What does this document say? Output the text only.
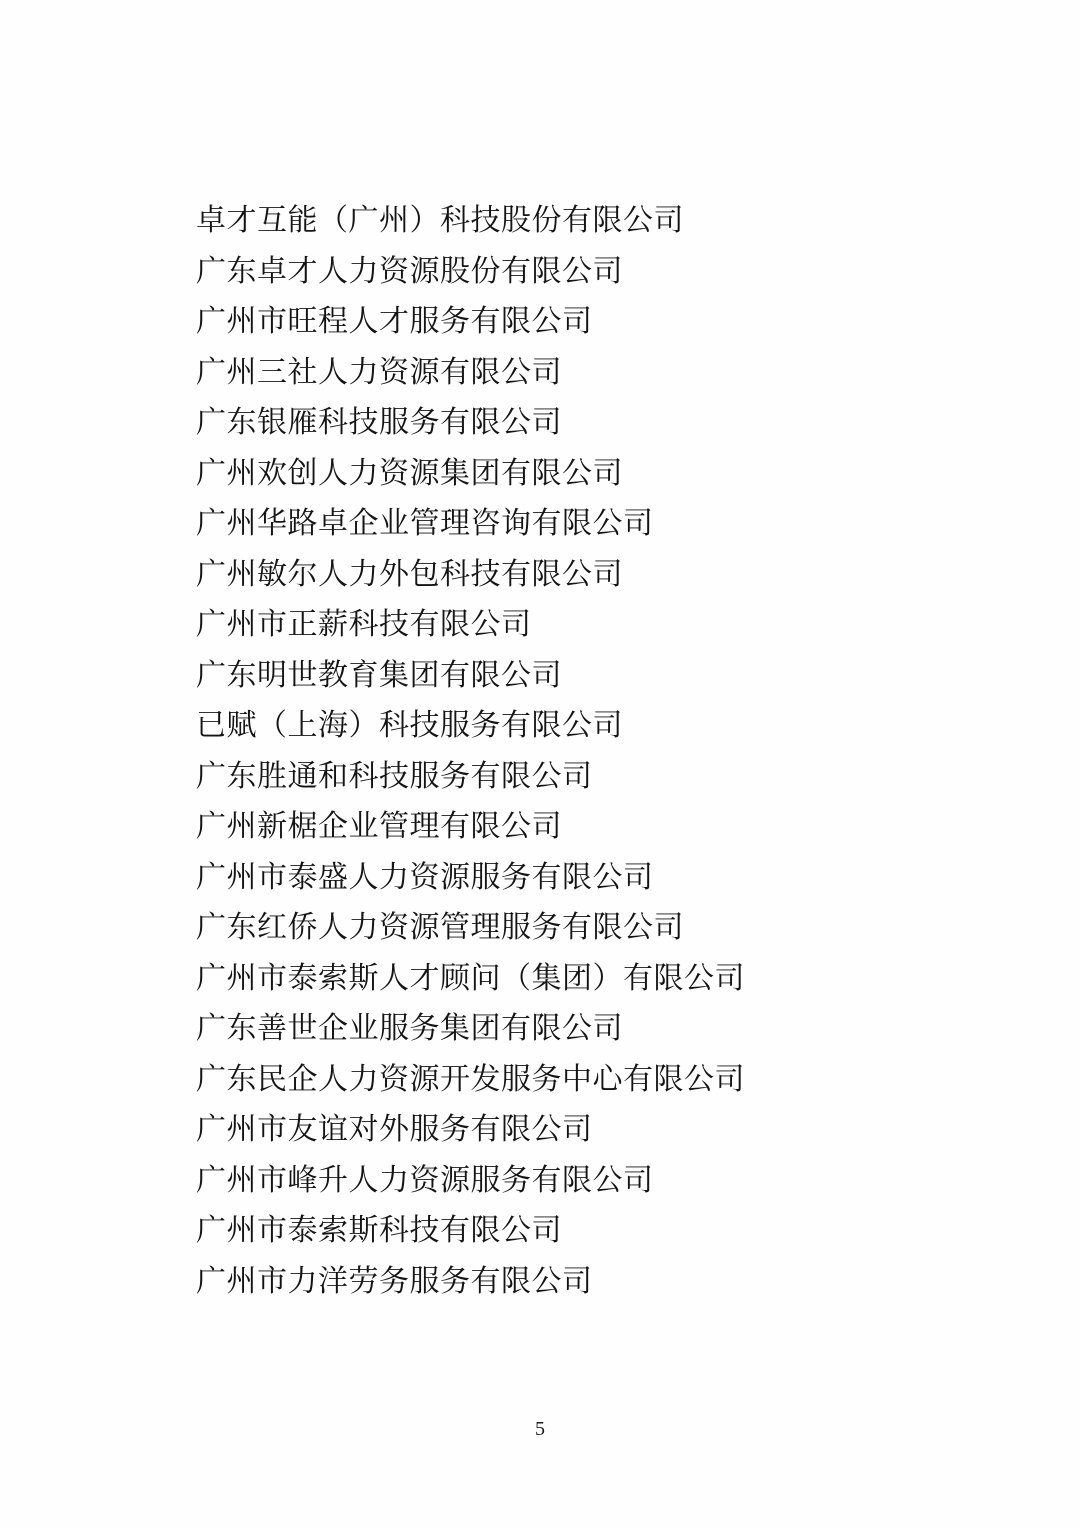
卓才互能（广州）科技股份有限公司
广东卓才人力资源股份有限公司
广州市旺程人才服务有限公司
广州三社人力资源有限公司
广东银雁科技服务有限公司
广州欢创人力资源集团有限公司
广州华路卓企业管理咨询有限公司
广州敏尔人力外包科技有限公司
广州市正薪科技有限公司
广东明世教育集团有限公司
已赋（上海）科技服务有限公司
广东胜通和科技服务有限公司
广州新椐企业管理有限公司
广州市泰盛人力资源服务有限公司
广东红侨人力资源管理服务有限公司
广州市泰索斯人才顾问（集团）有限公司
广东善世企业服务集团有限公司
广东民企人力资源开发服务中心有限公司
广州市友谊对外服务有限公司
广州市峰升人力资源服务有限公司
广州市泰索斯科技有限公司
广州市力洋劳务服务有限公司
5
